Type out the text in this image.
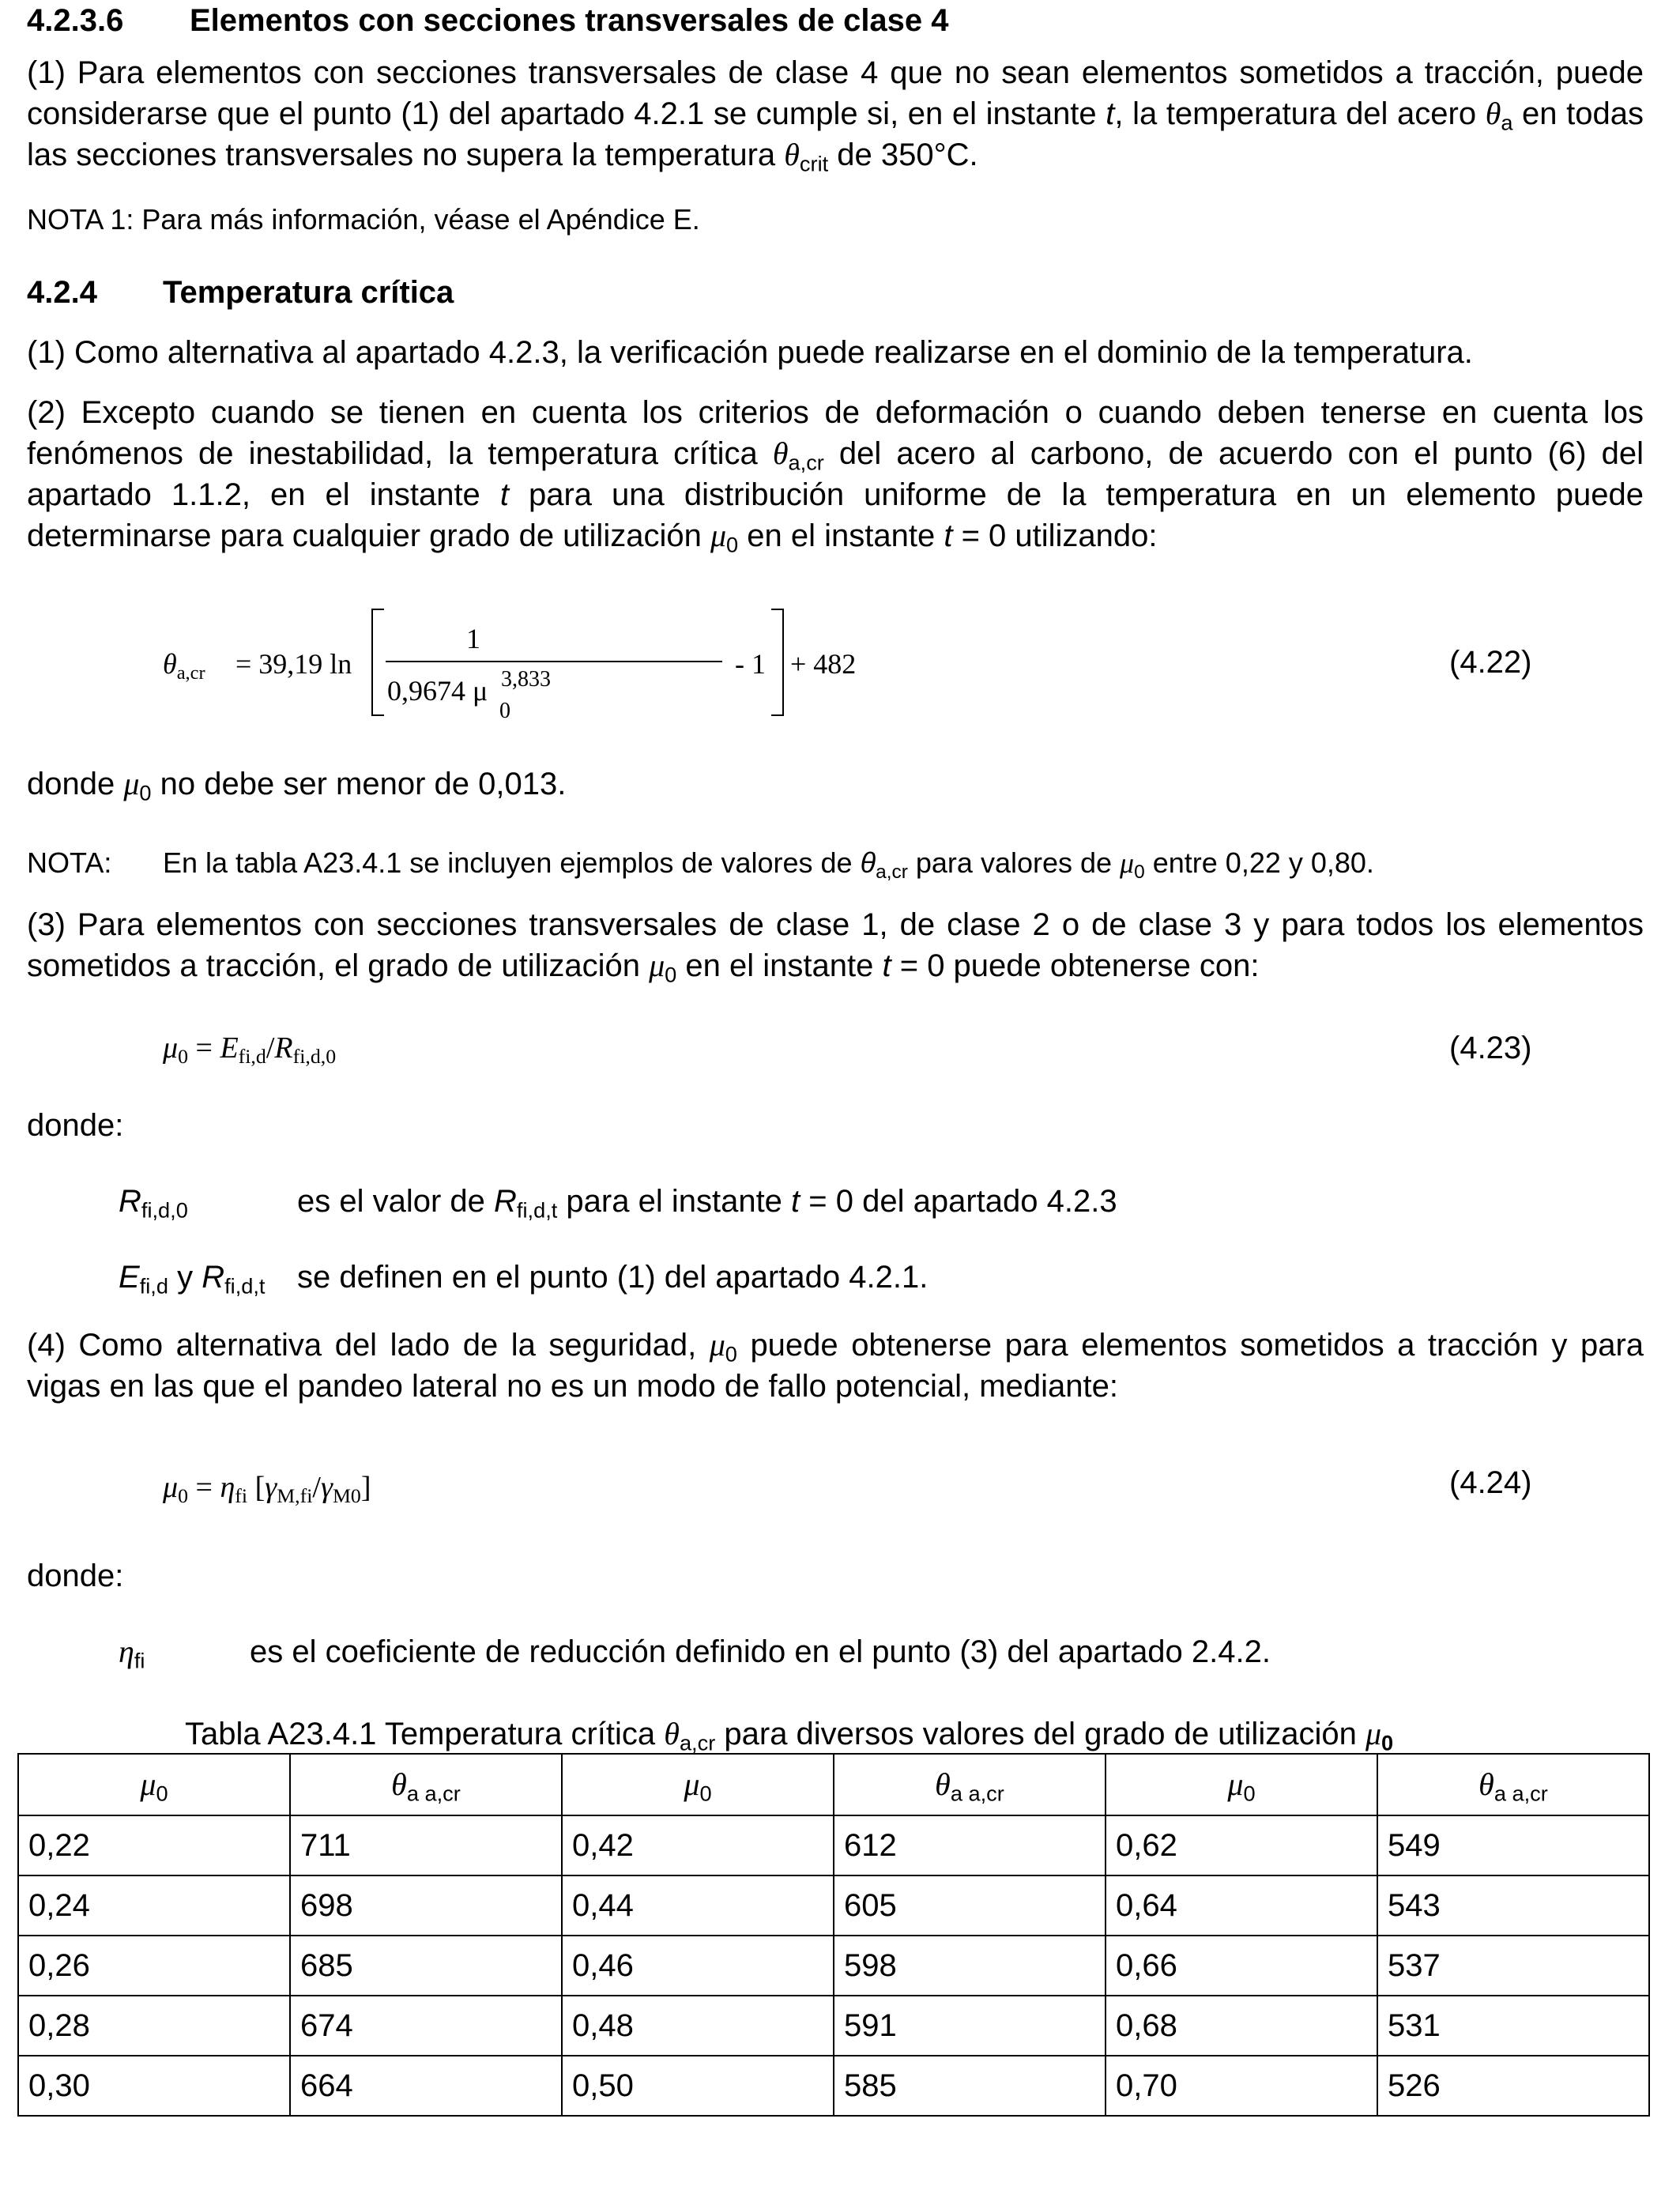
4.2.3.6 Elementos con secciones transversales de clase 4
(1) Para elementos con secciones transversales de clase 4 que no sean elementos sometidos a tracción, puede considerarse que el punto (1) del apartado 4.2.1 se cumple si, en el instante t, la temperatura del acero $\theta_a$ en todas las secciones transversales no supera la temperatura $\theta_{crit}$ de 350°C.
NOTA 1: Para más información, véase el Apéndice E.
4.2.4 Temperatura crítica
(1) Como alternativa al apartado 4.2.3, la verificación puede realizarse en el dominio de la temperatura.
(2) Excepto cuando se tienen en cuenta los criterios de deformación o cuando deben tenerse en cuenta los fenómenos de inestabilidad, la temperatura crítica $\theta_{a,cr}$ del acero al carbono, de acuerdo con el punto (6) del apartado 1.1.2, en el instante t para una distribución uniforme de la temperatura en un elemento puede determinarse para cualquier grado de utilización $\mu_0$ en el instante t = 0 utilizando:
$\theta_{a,cr} = 39,19$ ln
1
0,9674 μ 3,833
0
- 1 + 482	(4.22)
donde $\mu_0$ no debe ser menor de 0,013.
NOTA: En la tabla A23.4.1 se incluyen ejemplos de valores de $\theta_{a,cr}$ para valores de $\mu_0$ entre 0,22 y 0,80.
(3) Para elementos con secciones transversales de clase 1, de clase 2 o de clase 3 y para todos los elementos sometidos a tracción, el grado de utilización $\mu_0$ en el instante t = 0 puede obtenerse con:
$\mu_0 = E_{fi,d}/R_{fi,d,0}$	(4.23)
donde:
$R_{fi,d,0}$	es el valor de $R_{fi,d,t}$ para el instante t = 0 del apartado 4.2.3
$E_{fi,d}$ y $R_{fi,d,t}$ se definen en el punto (1) del apartado 4.2.1.
(4) Como alternativa del lado de la seguridad, $\mu_0$ puede obtenerse para elementos sometidos a tracción y para vigas en las que el pandeo lateral no es un modo de fallo potencial, mediante:
$\mu_0 = \eta_{fi}$ $[\gamma_{M,fi}/\gamma_{M0}]$	(4.24)
donde:
$\eta_{fi}$	es el coeficiente de reducción definido en el punto (3) del apartado 2.4.2.
Tabla A23.4.1 Temperatura crítica $\theta_{a,cr}$ para diversos valores del grado de utilización $\mu_0$
$\mu_0$	$\theta_{a a,cr}$	$\mu_0$	$\theta_{a a,cr}$	$\mu_0$	$\theta_{a a,cr}$
0,22	711	0,42	612	0,62	549
0,24	698	0,44	605	0,64	543
0,26	685	0,46	598	0,66	537
0,28	674	0,48	591	0,68	531
0,30	664	0,50	585	0,70	526
